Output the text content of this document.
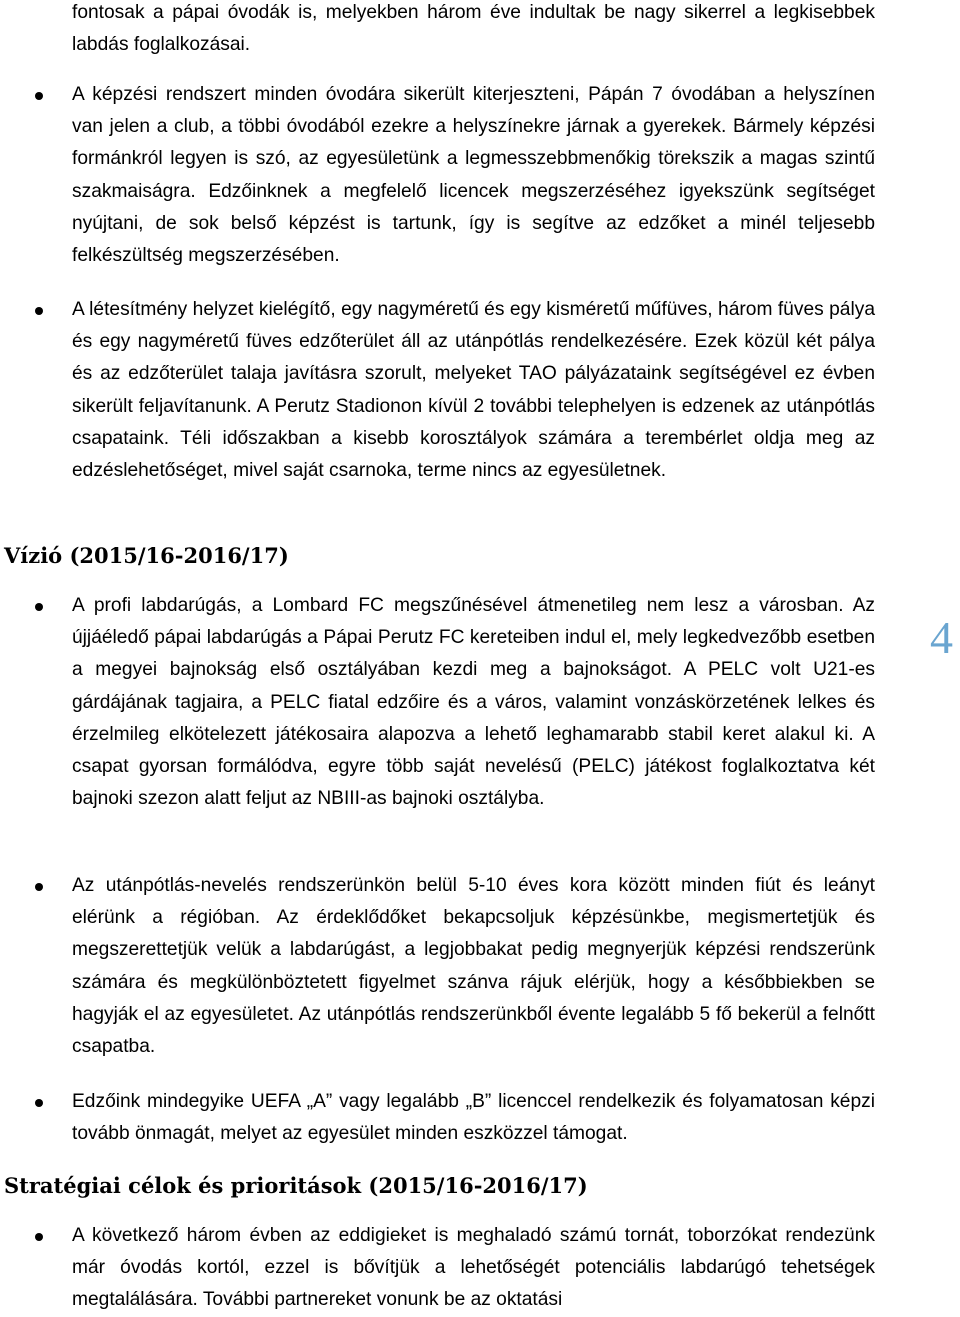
fontosak a pápai óvodák is, melyekben három éve indultak be nagy sikerrel a legkisebbek labdás foglalkozásai.

A képzési rendszert minden óvodára sikerült kiterjeszteni, Pápán 7 óvodában a helyszínen van jelen a club, a többi óvodából ezekre a helyszínekre járnak a gyerekek. Bármely képzési formánkról legyen is szó, az egyesületünk a legmesszebbmenőkig törekszik a magas szintű szakmaiságra. Edzőinknek a megfelelő licencek megszerzéséhez igyekszünk segítséget nyújtani, de sok belső képzést is tartunk, így is segítve az edzőket a minél teljesebb felkészültség megszerzésében.

A létesítmény helyzet kielégítő, egy nagyméretű és egy kisméretű műfüves, három füves pálya és egy nagyméretű füves edzőterület áll az utánpótlás rendelkezésére. Ezek közül két pálya és az edzőterület talaja javításra szorult, melyeket TAO pályázataink segítségével ez évben sikerült feljavítanunk. A Perutz Stadionon kívül 2 további telephelyen is edzenek az utánpótlás csapataink. Téli időszakban a kisebb korosztályok számára a terembérlet oldja meg az edzéslehetőséget, mivel saját csarnoka, terme nincs az egyesületnek.

Vízió (2015/16-2016/17)

A profi labdarúgás, a Lombard FC megszűnésével átmenetileg nem lesz a városban. Az újjáéledő pápai labdarúgás a Pápai Perutz FC kereteiben indul el, mely legkedvezőbb esetben a megyei bajnokság első osztályában kezdi meg a bajnokságot. A PELC volt U21-es gárdájának tagjaira, a PELC fiatal edzőire és a város, valamint vonzáskörzetének lelkes és érzelmileg elkötelezett játékosaira alapozva a lehető leghamarabb stabil keret alakul ki. A csapat gyorsan formálódva, egyre több saját nevelésű (PELC) játékost foglalkoztatva két bajnoki szezon alatt feljut az NBIII-as bajnoki osztályba.

Az utánpótlás-nevelés rendszerünkön belül 5-10 éves kora között minden fiút és leányt elérünk a régióban. Az érdeklődőket bekapcsoljuk képzésünkbe, megismertetjük és megszerettetjük velük a labdarúgást, a legjobbakat pedig megnyerjük képzési rendszerünk számára és megkülönböztetett figyelmet szánva rájuk elérjük, hogy a későbbiekben se hagyják el az egyesületet. Az utánpótlás rendszerünkből évente legalább 5 fő bekerül a felnőtt csapatba.

Edzőink mindegyike UEFA „A” vagy legalább „B” licenccel rendelkezik és folyamatosan képzi tovább önmagát, melyet az egyesület minden eszközzel támogat.

Stratégiai célok és prioritások (2015/16-2016/17)

A következő három évben az eddigieket is meghaladó számú tornát, toborzókat rendezünk már óvodás kortól, ezzel is bővítjük a lehetőségét potenciális labdarúgó tehetségek megtalálására. További partnereket vonunk be az oktatási

4
